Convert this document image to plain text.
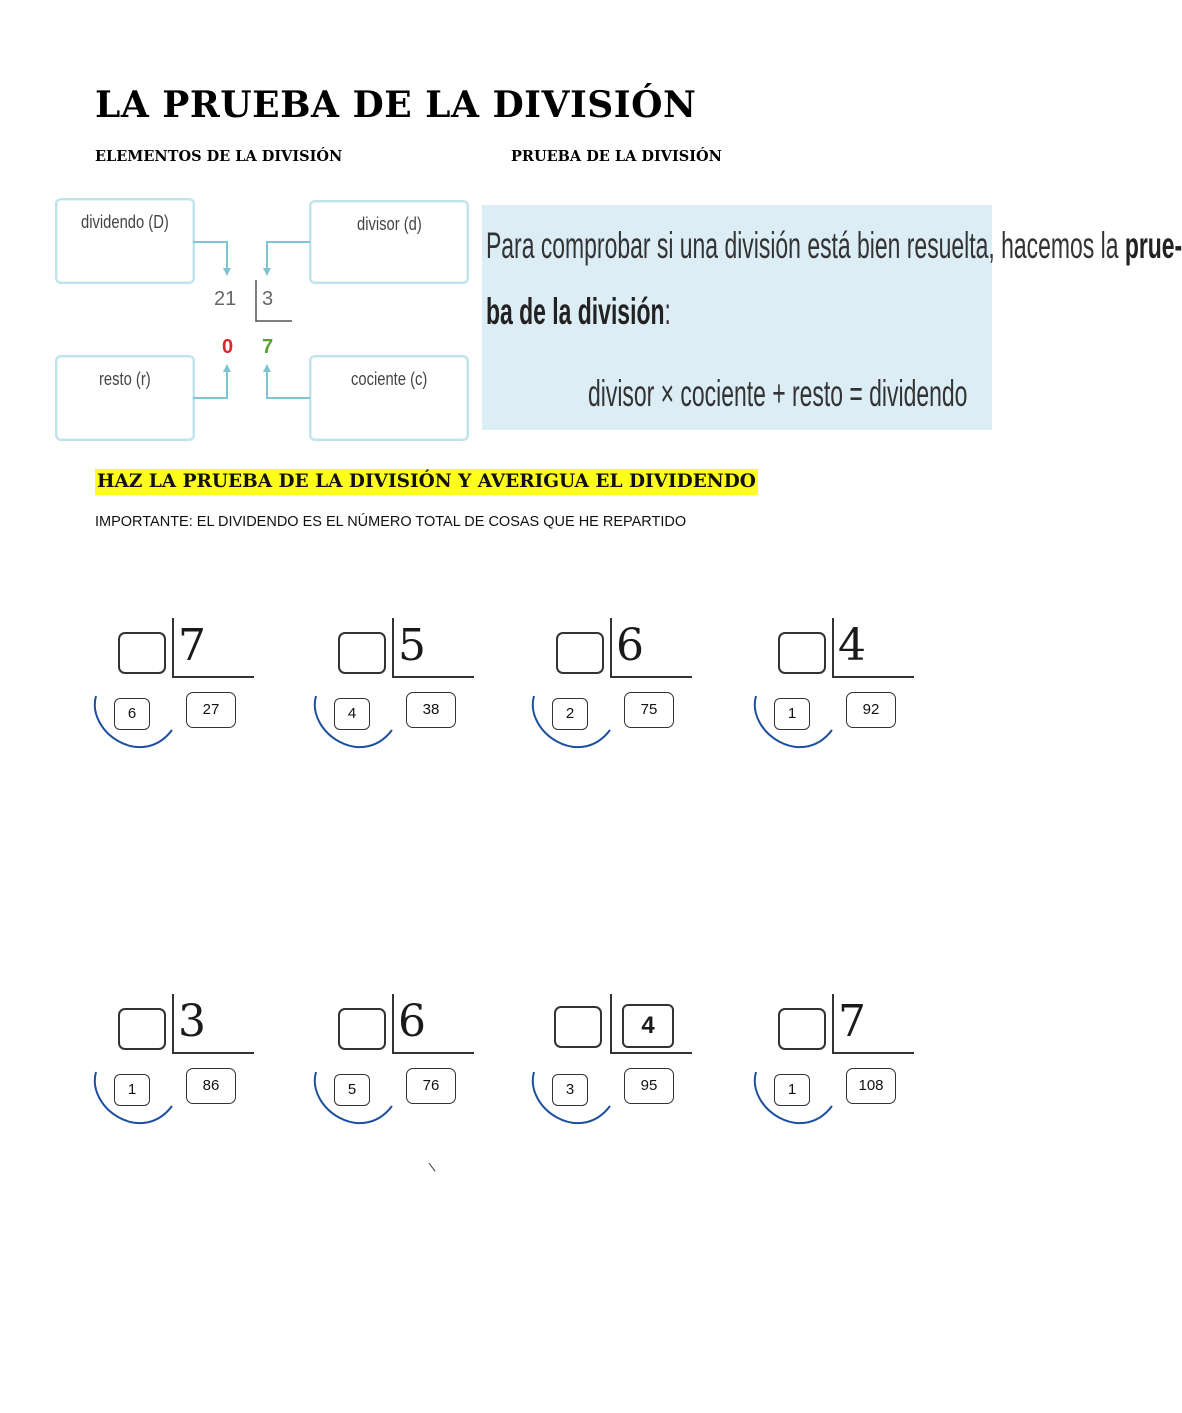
LA PRUEBA DE LA DIVISIÓN
ELEMENTOS DE LA DIVISIÓN	PRUEBA DE LA DIVISIÓN
dividendo (D)	divisor (d)
resto (r)	cociente (c)
21 3
0 7
Para comprobar si una división está bien resuelta, hacemos la prue-
ba de la división:
divisor × cociente + resto = dividendo
HAZ LA PRUEBA DE LA DIVISIÓN Y AVERIGUA EL DIVIDENDO
IMPORTANTE: EL DIVIDENDO ES EL NÚMERO TOTAL DE COSAS QUE HE REPARTIDO
7
6	27
5
4	38
6
2	75
4
1	92
3
1	86
6
5	76
4
3	95
7
1	108
\
